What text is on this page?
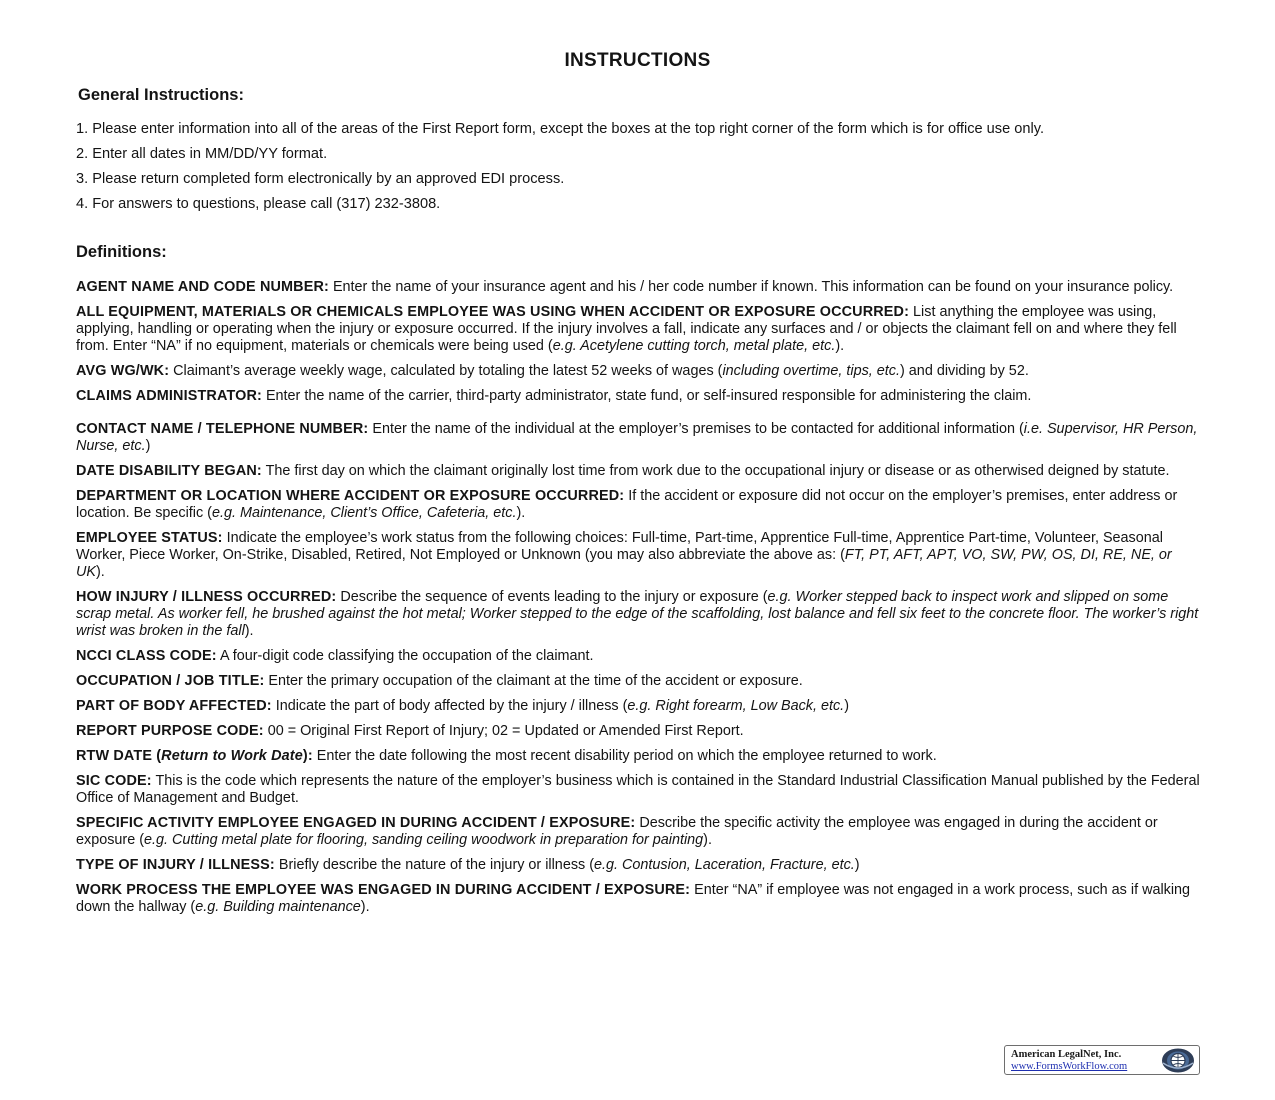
INSTRUCTIONS
General Instructions:
1. Please enter information into all of the areas of the First Report form, except the boxes at the top right corner of the form which is for office use only.
2. Enter all dates in MM/DD/YY format.
3. Please return completed form electronically by an approved EDI process.
4. For answers to questions, please call (317) 232-3808.
Definitions:
AGENT NAME AND CODE NUMBER: Enter the name of your insurance agent and his / her code number if known. This information can be found on your insurance policy.
ALL EQUIPMENT, MATERIALS OR CHEMICALS EMPLOYEE WAS USING WHEN ACCIDENT OR EXPOSURE OCCURRED: List anything the employee was using, applying, handling or operating when the injury or exposure occurred. If the injury involves a fall, indicate any surfaces and / or objects the claimant fell on and where they fell from. Enter “NA” if no equipment, materials or chemicals were being used (e.g. Acetylene cutting torch, metal plate, etc.).
AVG WG/WK: Claimant’s average weekly wage, calculated by totaling the latest 52 weeks of wages (including overtime, tips, etc.) and dividing by 52.
CLAIMS ADMINISTRATOR: Enter the name of the carrier, third-party administrator, state fund, or self-insured responsible for administering the claim.
CONTACT NAME / TELEPHONE NUMBER: Enter the name of the individual at the employer’s premises to be contacted for additional information (i.e. Supervisor, HR Person, Nurse, etc.)
DATE DISABILITY BEGAN: The first day on which the claimant originally lost time from work due to the occupational injury or disease or as otherwised deigned by statute.
DEPARTMENT OR LOCATION WHERE ACCIDENT OR EXPOSURE OCCURRED: If the accident or exposure did not occur on the employer’s premises, enter address or location. Be specific (e.g. Maintenance, Client’s Office, Cafeteria, etc.).
EMPLOYEE STATUS: Indicate the employee’s work status from the following choices: Full-time, Part-time, Apprentice Full-time, Apprentice Part-time, Volunteer, Seasonal Worker, Piece Worker, On-Strike, Disabled, Retired, Not Employed or Unknown (you may also abbreviate the above as: (FT, PT, AFT, APT, VO, SW, PW, OS, DI, RE, NE, or UK).
HOW INJURY / ILLNESS OCCURRED: Describe the sequence of events leading to the injury or exposure (e.g. Worker stepped back to inspect work and slipped on some scrap metal. As worker fell, he brushed against the hot metal; Worker stepped to the edge of the scaffolding, lost balance and fell six feet to the concrete floor. The worker’s right wrist was broken in the fall).
NCCI CLASS CODE: A four-digit code classifying the occupation of the claimant.
OCCUPATION / JOB TITLE: Enter the primary occupation of the claimant at the time of the accident or exposure.
PART OF BODY AFFECTED: Indicate the part of body affected by the injury / illness (e.g. Right forearm, Low Back, etc.)
REPORT PURPOSE CODE: 00 = Original First Report of Injury; 02 = Updated or Amended First Report.
RTW DATE (Return to Work Date): Enter the date following the most recent disability period on which the employee returned to work.
SIC CODE: This is the code which represents the nature of the employer’s business which is contained in the Standard Industrial Classification Manual published by the Federal Office of Management and Budget.
SPECIFIC ACTIVITY EMPLOYEE ENGAGED IN DURING ACCIDENT / EXPOSURE: Describe the specific activity the employee was engaged in during the accident or exposure (e.g. Cutting metal plate for flooring, sanding ceiling woodwork in preparation for painting).
TYPE OF INJURY / ILLNESS: Briefly describe the nature of the injury or illness (e.g. Contusion, Laceration, Fracture, etc.)
WORK PROCESS THE EMPLOYEE WAS ENGAGED IN DURING ACCIDENT / EXPOSURE: Enter “NA” if employee was not engaged in a work process, such as if walking down the hallway (e.g. Building maintenance).
American LegalNet, Inc.
www.FormsWorkFlow.com
